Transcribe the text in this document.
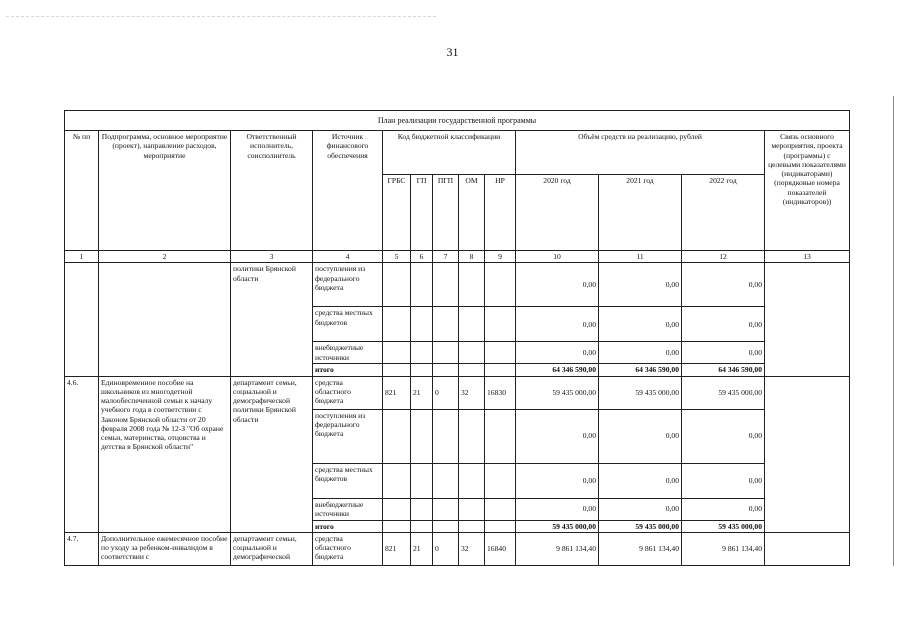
31
План реализации государственной программы												
№ пп	Подпрограмма, основное мероприятие (проект), направление расходов, мероприятие	Ответственный исполнитель, соисполнитель	Источник финансового обеспечения	Код бюджетной классификации					Объём средств на реализацию, рублей			Связь основного мероприятия, проекта (программы) с целевыми показателями (индикаторами) (порядковые номера показателей (индикаторов))
				ГРБС	ГП	ПГП	ОМ	НР	2020 год	2021 год	2022 год	
1	2	3	4	5	6	7	8	9	10	11	12	13
		политики Брянской области	поступления из федерального бюджета						0,00	0,00	0,00	
			средства местных бюджетов						0,00	0,00	0,00	
			внебюджетные источники						0,00	0,00	0,00	
			итого						64 346 590,00	64 346 590,00	64 346 590,00	
4.6.	Единовременное пособие на школьников из многодетной малообеспеченной семьи к началу учебного года в соответствии с Законом Брянской области от 20 февраля 2008 года № 12-З "Об охране семьи, материнства, отцовства и детства в Брянской области"	департамент семьи, социальной и демографической политики Брянской области	средства областного бюджета	821	21	0	32	16830	59 435 000,00	59 435 000,00	59 435 000,00	
			поступления из федерального бюджета						0,00	0,00	0,00	
			средства местных бюджетов						0,00	0,00	0,00	
			внебюджетные источники						0,00	0,00	0,00	
			итого						59 435 000,00	59 435 000,00	59 435 000,00	
4.7.	Дополнительное ежемесячное пособие по уходу за ребенком-инвалидом в соответствии с	департамент семьи, социальной и демографической	средства областного бюджета	821	21	0	32	16840	9 861 134,40	9 861 134,40	9 861 134,40	
